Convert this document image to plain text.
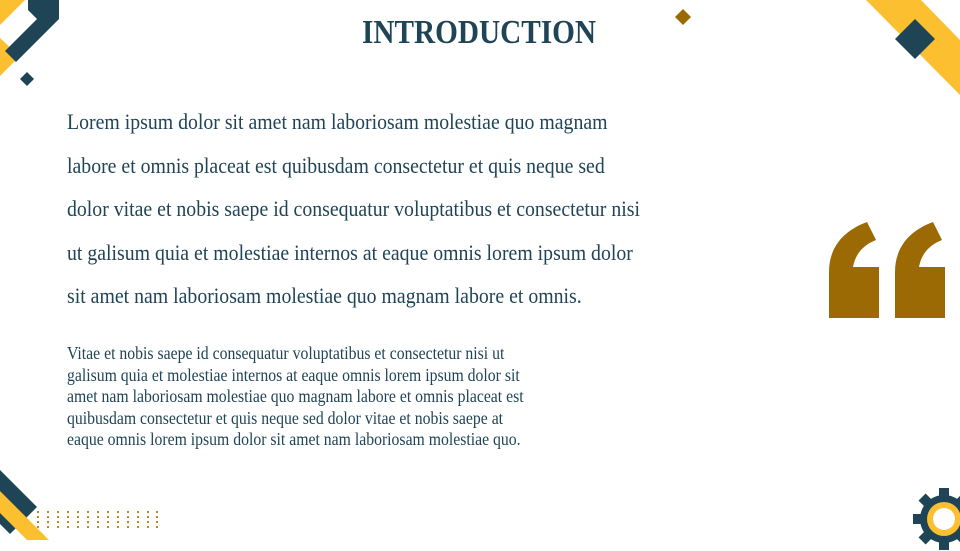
INTRODUCTION
Lorem ipsum dolor sit amet nam laboriosam molestiae quo magnam
labore et omnis placeat est quibusdam consectetur et quis neque sed
dolor vitae et nobis saepe id consequatur voluptatibus et consectetur nisi
ut galisum quia et molestiae internos at eaque omnis lorem ipsum dolor
sit amet nam laboriosam molestiae quo magnam labore et omnis.
Vitae et nobis saepe id consequatur voluptatibus et consectetur nisi ut
galisum quia et molestiae internos at eaque omnis lorem ipsum dolor sit
amet nam laboriosam molestiae quo magnam labore et omnis placeat est
quibusdam consectetur et quis neque sed dolor vitae et nobis saepe at
eaque omnis lorem ipsum dolor sit amet nam laboriosam molestiae quo.
